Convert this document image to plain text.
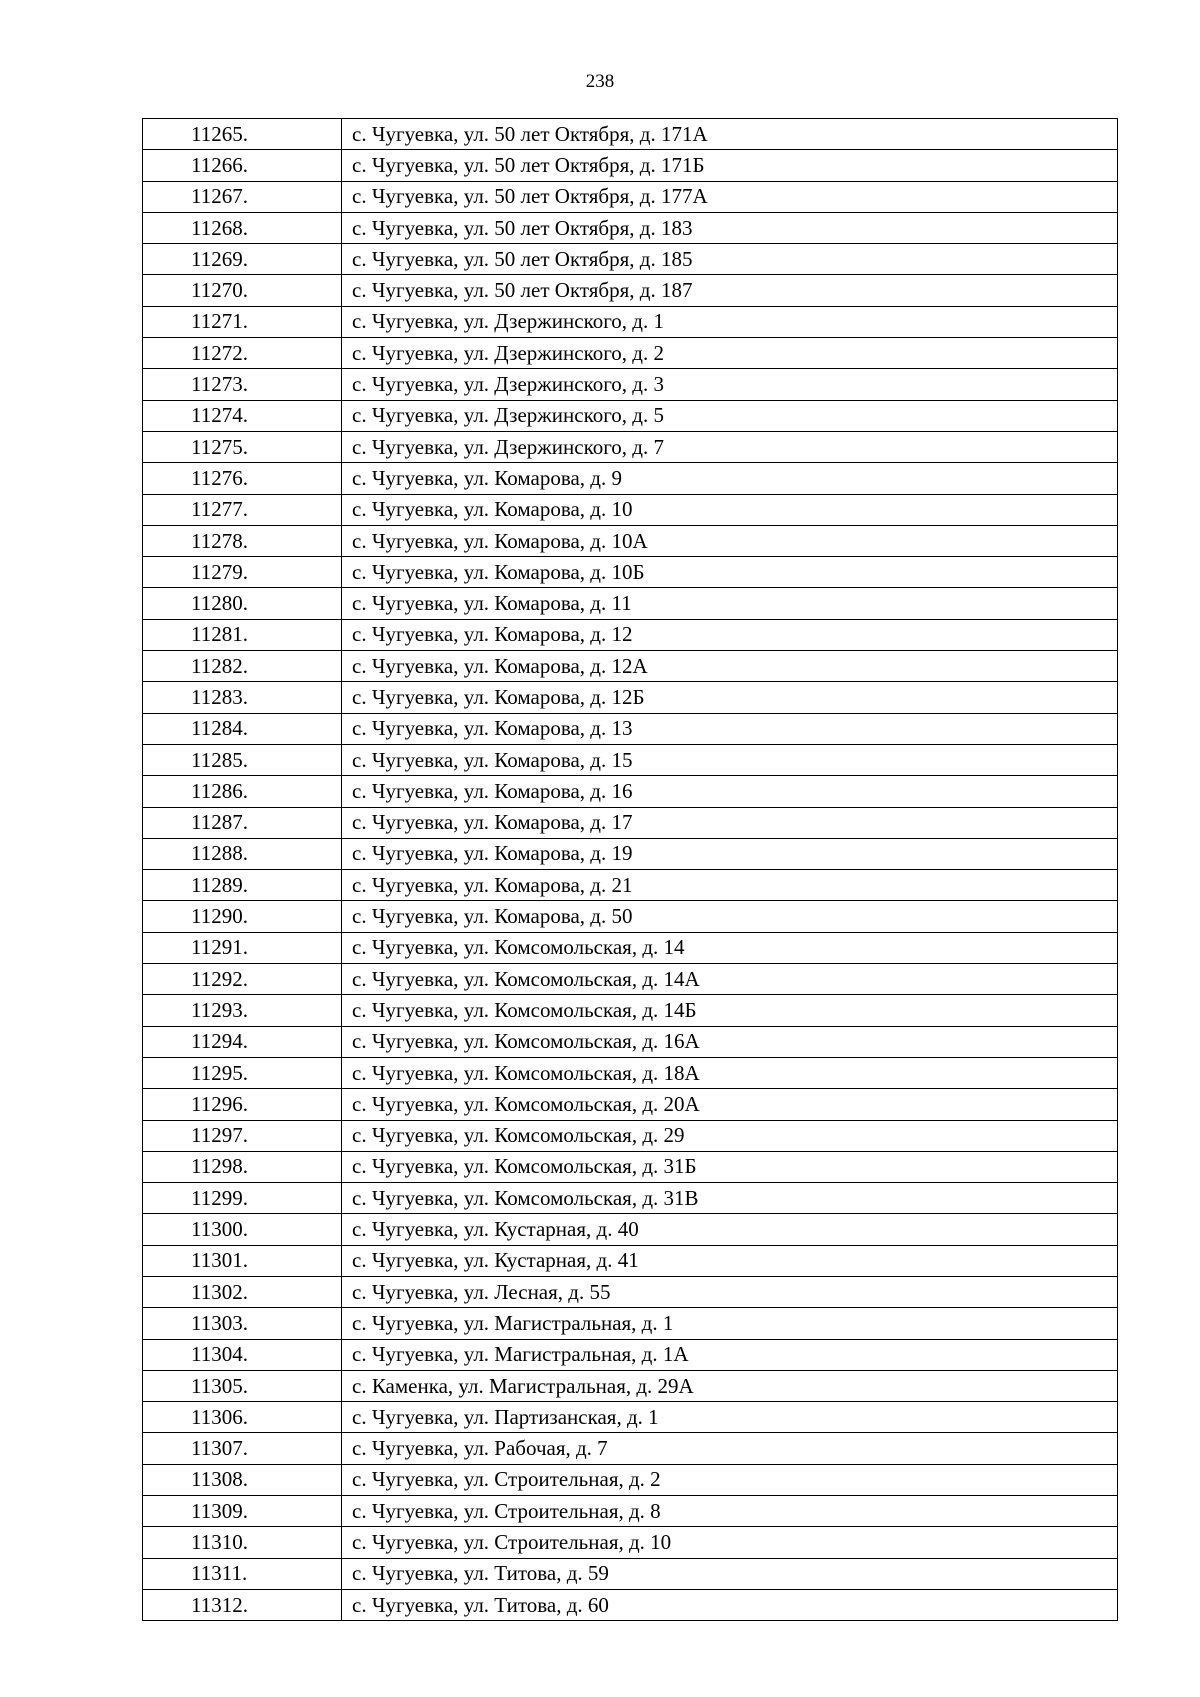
238
11265.	с. Чугуевка, ул. 50 лет Октября, д. 171А
11266.	с. Чугуевка, ул. 50 лет Октября, д. 171Б
11267.	с. Чугуевка, ул. 50 лет Октября, д. 177А
11268.	с. Чугуевка, ул. 50 лет Октября, д. 183
11269.	с. Чугуевка, ул. 50 лет Октября, д. 185
11270.	с. Чугуевка, ул. 50 лет Октября, д. 187
11271.	с. Чугуевка, ул. Дзержинского, д. 1
11272.	с. Чугуевка, ул. Дзержинского, д. 2
11273.	с. Чугуевка, ул. Дзержинского, д. 3
11274.	с. Чугуевка, ул. Дзержинского, д. 5
11275.	с. Чугуевка, ул. Дзержинского, д. 7
11276.	с. Чугуевка, ул. Комарова, д. 9
11277.	с. Чугуевка, ул. Комарова, д. 10
11278.	с. Чугуевка, ул. Комарова, д. 10А
11279.	с. Чугуевка, ул. Комарова, д. 10Б
11280.	с. Чугуевка, ул. Комарова, д. 11
11281.	с. Чугуевка, ул. Комарова, д. 12
11282.	с. Чугуевка, ул. Комарова, д. 12А
11283.	с. Чугуевка, ул. Комарова, д. 12Б
11284.	с. Чугуевка, ул. Комарова, д. 13
11285.	с. Чугуевка, ул. Комарова, д. 15
11286.	с. Чугуевка, ул. Комарова, д. 16
11287.	с. Чугуевка, ул. Комарова, д. 17
11288.	с. Чугуевка, ул. Комарова, д. 19
11289.	с. Чугуевка, ул. Комарова, д. 21
11290.	с. Чугуевка, ул. Комарова, д. 50
11291.	с. Чугуевка, ул. Комсомольская, д. 14
11292.	с. Чугуевка, ул. Комсомольская, д. 14А
11293.	с. Чугуевка, ул. Комсомольская, д. 14Б
11294.	с. Чугуевка, ул. Комсомольская, д. 16А
11295.	с. Чугуевка, ул. Комсомольская, д. 18А
11296.	с. Чугуевка, ул. Комсомольская, д. 20А
11297.	с. Чугуевка, ул. Комсомольская, д. 29
11298.	с. Чугуевка, ул. Комсомольская, д. 31Б
11299.	с. Чугуевка, ул. Комсомольская, д. 31В
11300.	с. Чугуевка, ул. Кустарная, д. 40
11301.	с. Чугуевка, ул. Кустарная, д. 41
11302.	с. Чугуевка, ул. Лесная, д. 55
11303.	с. Чугуевка, ул. Магистральная, д. 1
11304.	с. Чугуевка, ул. Магистральная, д. 1А
11305.	с. Каменка, ул. Магистральная, д. 29А
11306.	с. Чугуевка, ул. Партизанская, д. 1
11307.	с. Чугуевка, ул. Рабочая, д. 7
11308.	с. Чугуевка, ул. Строительная, д. 2
11309.	с. Чугуевка, ул. Строительная, д. 8
11310.	с. Чугуевка, ул. Строительная, д. 10
11311.	с. Чугуевка, ул. Титова, д. 59
11312.	с. Чугуевка, ул. Титова, д. 60
